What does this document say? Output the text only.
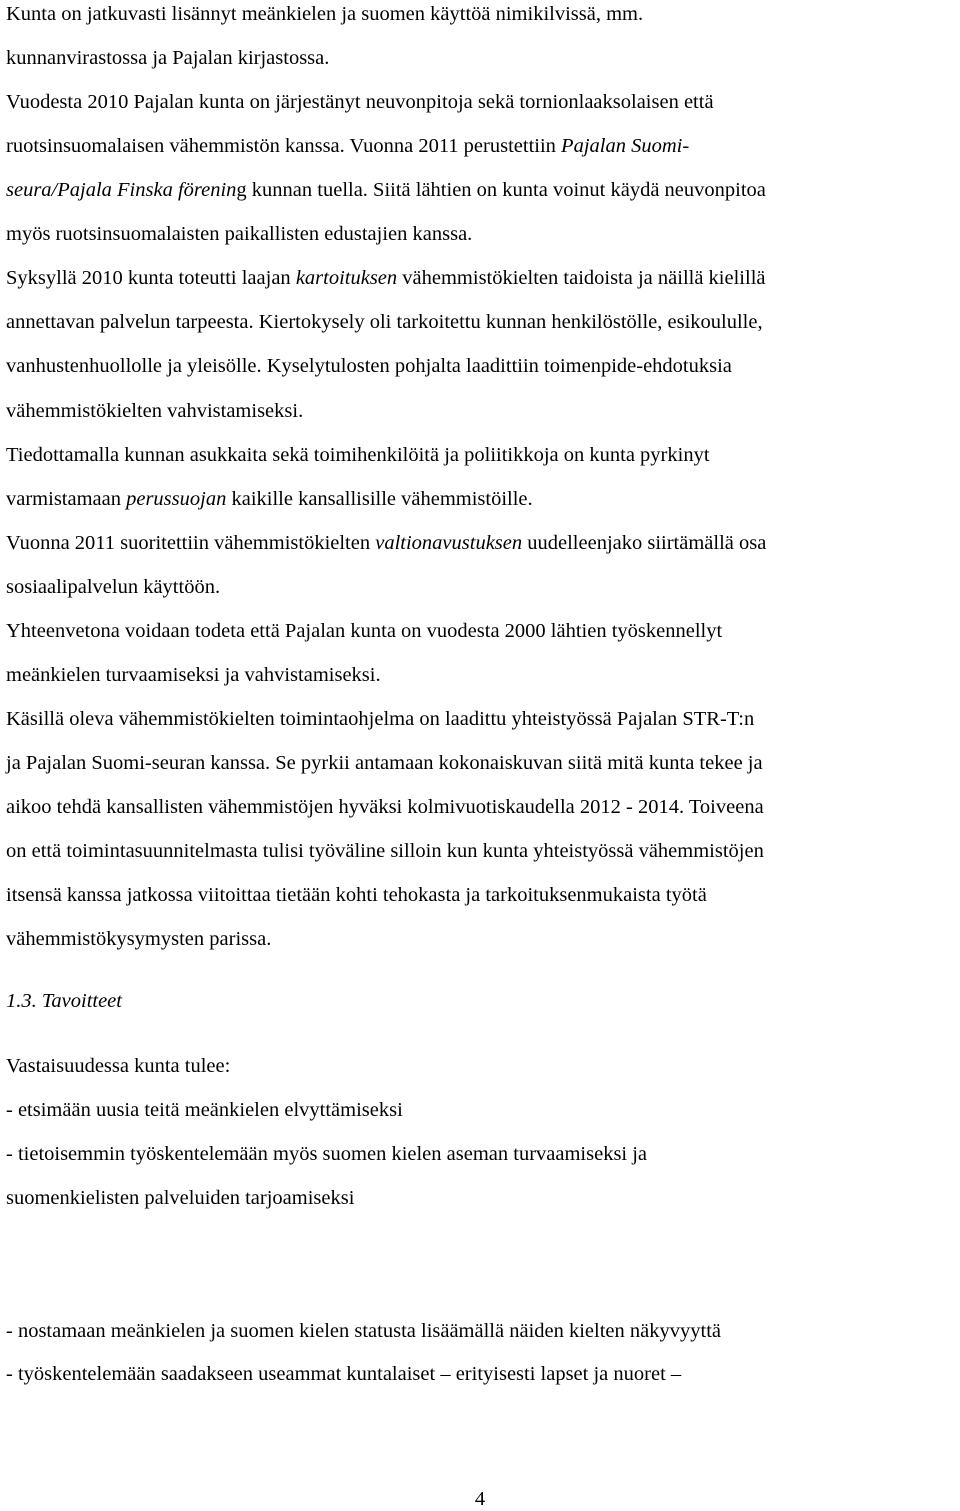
Kunta on jatkuvasti lisännyt meänkielen ja suomen käyttöä nimikilvissä, mm.
kunnanvirastossa ja Pajalan kirjastossa.
Vuodesta 2010 Pajalan kunta on järjestänyt neuvonpitoja sekä tornionlaaksolaisen että
ruotsinsuomalaisen vähemmistön kanssa. Vuonna 2011 perustettiin Pajalan Suomi-
seura/Pajala Finska förening kunnan tuella. Siitä lähtien on kunta voinut käydä neuvonpitoa
myös ruotsinsuomalaisten paikallisten edustajien kanssa.
Syksyllä 2010 kunta toteutti laajan kartoituksen vähemmistökielten taidoista ja näillä kielillä
annettavan palvelun tarpeesta. Kiertokysely oli tarkoitettu kunnan henkilöstölle, esikoululle,
vanhustenhuollolle ja yleisölle. Kyselytulosten pohjalta laadittiin toimenpide-ehdotuksia
vähemmistökielten vahvistamiseksi.
Tiedottamalla kunnan asukkaita sekä toimihenkilöitä ja poliitikkoja on kunta pyrkinyt
varmistamaan perussuojan kaikille kansallisille vähemmistöille.
Vuonna 2011 suoritettiin vähemmistökielten valtionavustuksen uudelleenjako siirtämällä osa
sosiaalipalvelun käyttöön.
Yhteenvetona voidaan todeta että Pajalan kunta on vuodesta 2000 lähtien työskennellyt
meänkielen turvaamiseksi ja vahvistamiseksi.
Käsillä oleva vähemmistökielten toimintaohjelma on laadittu yhteistyössä Pajalan STR-T:n
ja Pajalan Suomi-seuran kanssa. Se pyrkii antamaan kokonaiskuvan siitä mitä kunta tekee ja
aikoo tehdä kansallisten vähemmistöjen hyväksi kolmivuotiskaudella 2012 - 2014. Toiveena
on että toimintasuunnitelmasta tulisi työväline silloin kun kunta yhteistyössä vähemmistöjen
itsensä kanssa jatkossa viitoittaa tietään kohti tehokasta ja tarkoituksenmukaista työtä
vähemmistökysymysten parissa.
1.3. Tavoitteet
Vastaisuudessa kunta tulee:
- etsimään uusia teitä meänkielen elvyttämiseksi
- tietoisemmin työskentelemään myös suomen kielen aseman turvaamiseksi ja
suomenkielisten palveluiden tarjoamiseksi
- nostamaan meänkielen ja suomen kielen statusta lisäämällä näiden kielten näkyvyyttä
- työskentelemään saadakseen useammat kuntalaiset – erityisesti lapset ja nuoret –
4
